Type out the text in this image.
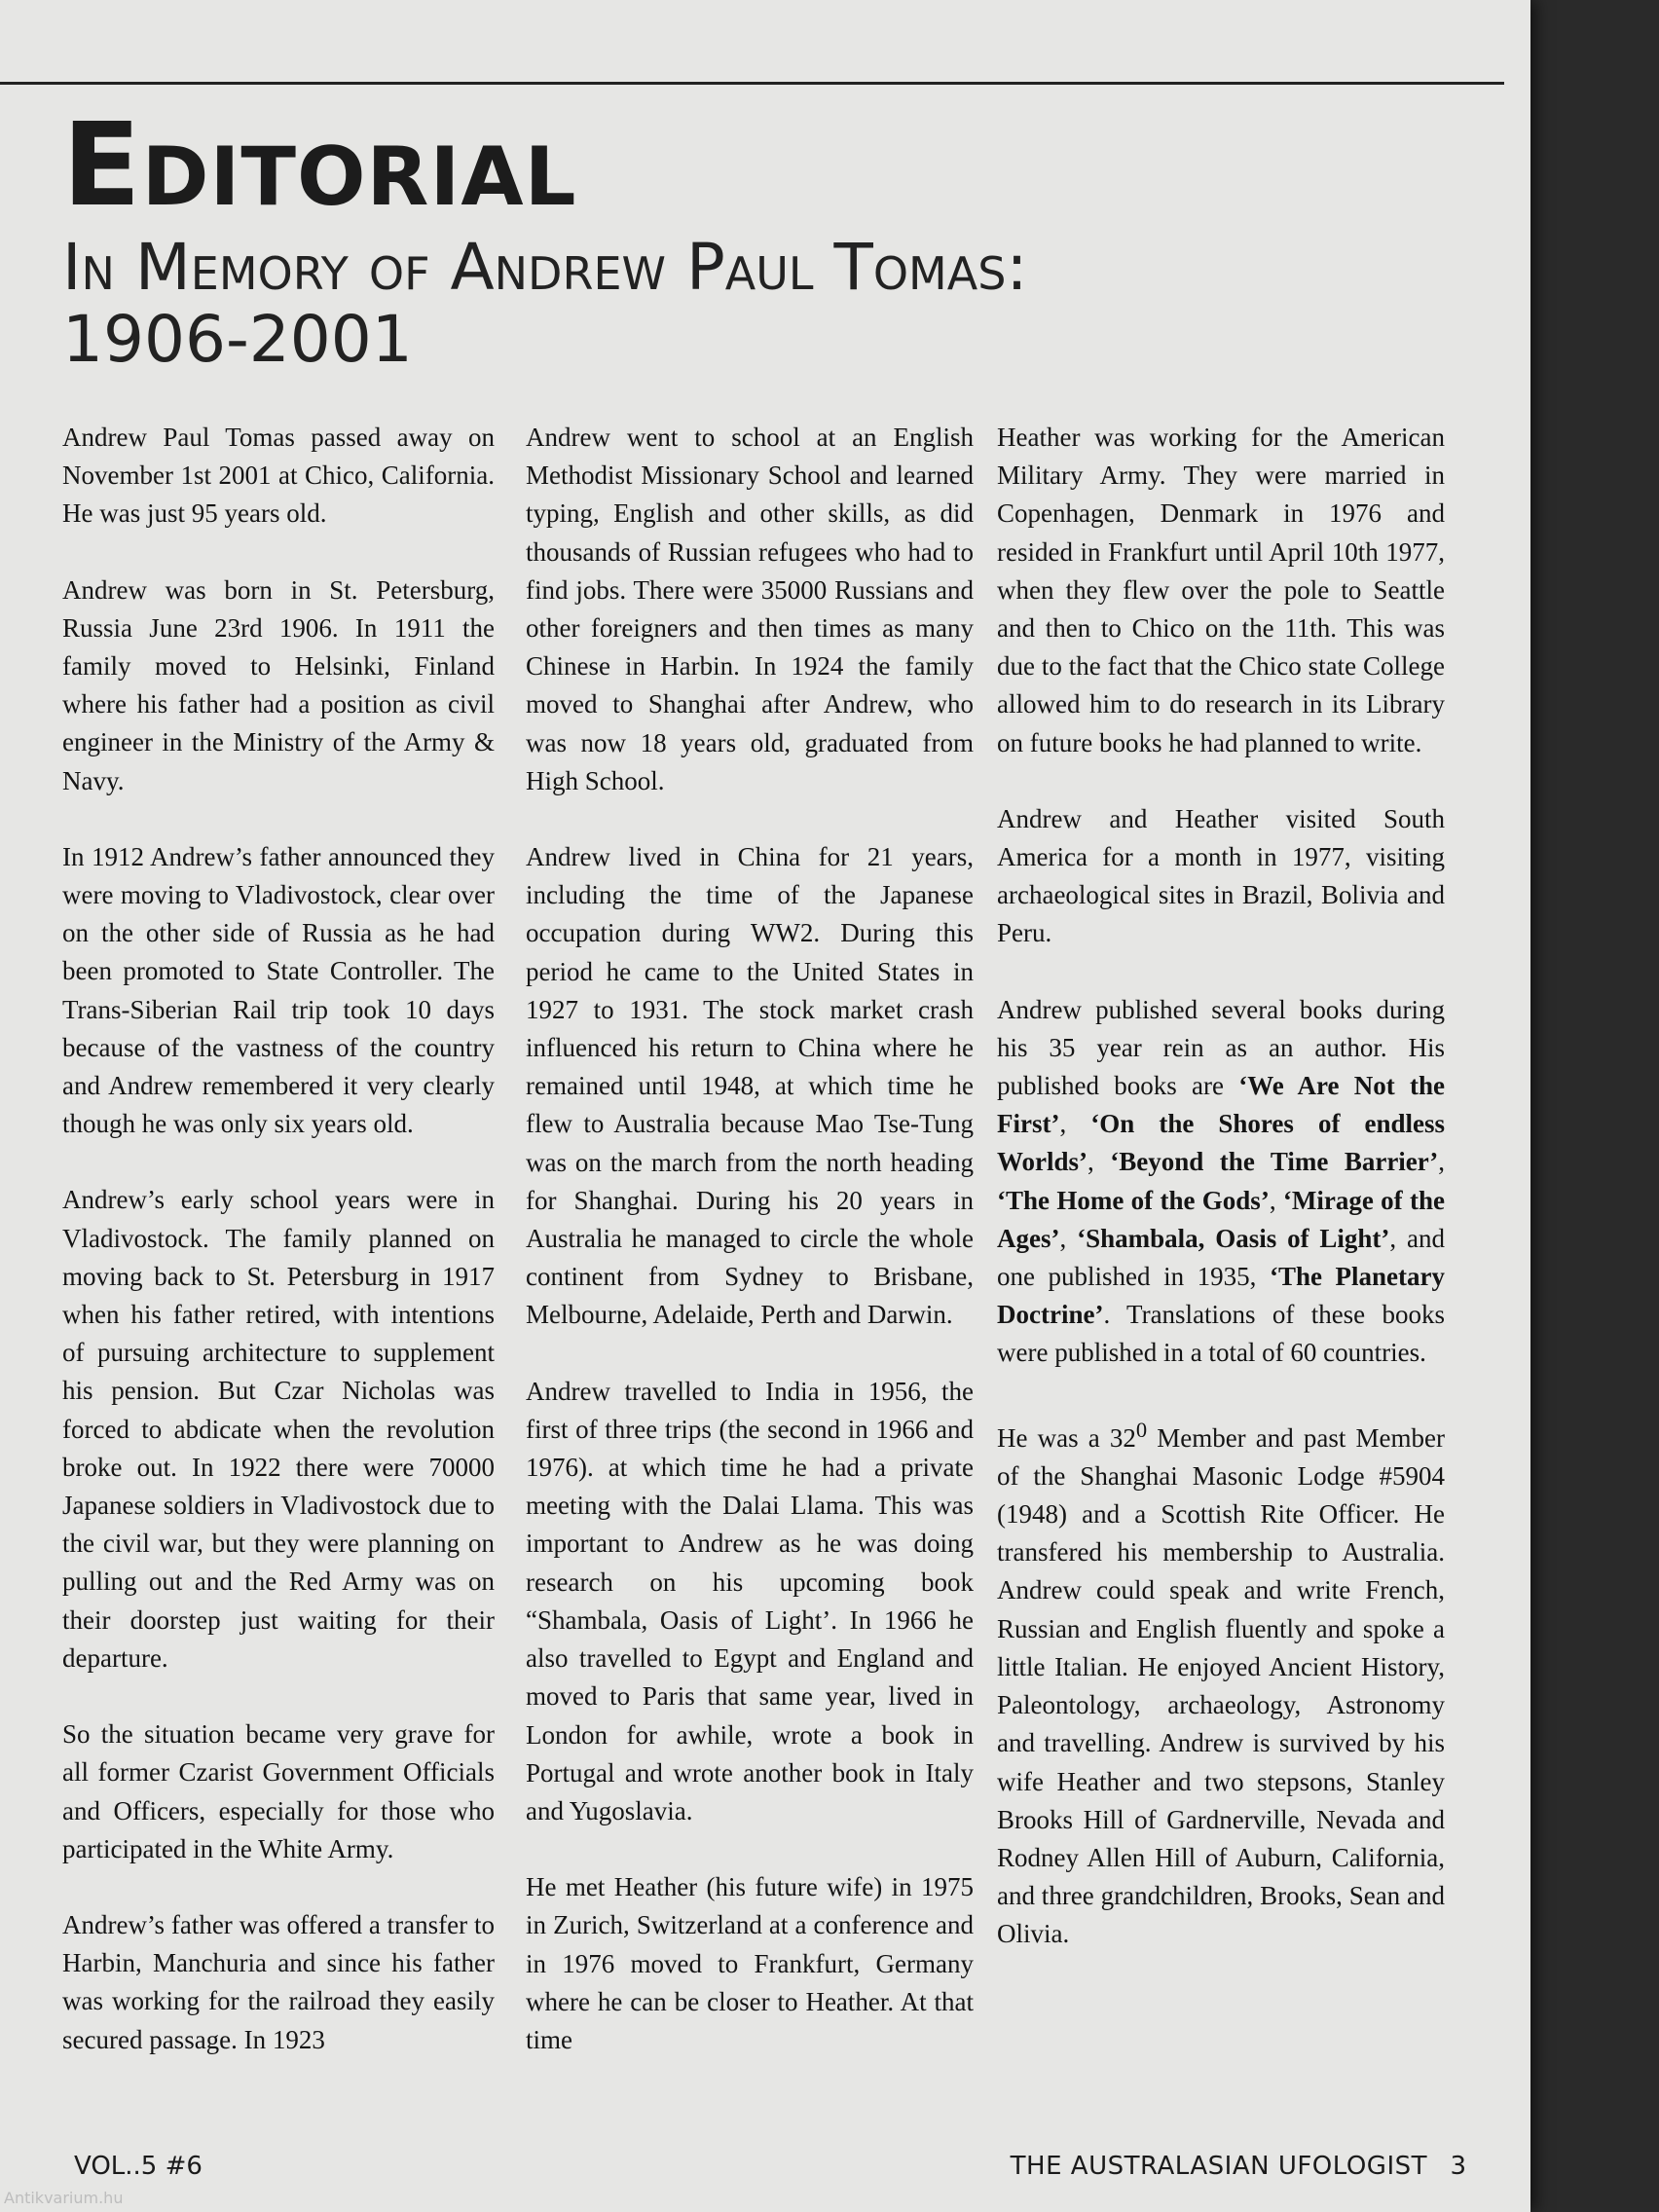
Editorial
In Memory of Andrew Paul Tomas:
1906-2001

Andrew Paul Tomas passed away on November 1st 2001 at Chico, California. He was just 95 years old.

Andrew was born in St. Petersburg, Russia June 23rd 1906. In 1911 the family moved to Helsinki, Finland where his father had a position as civil engineer in the Ministry of the Army & Navy.

In 1912 Andrew’s father announced they were moving to Vladivostock, clear over on the other side of Russia as he had been promoted to State Controller. The Trans-Siberian Rail trip took 10 days because of the vastness of the country and Andrew remembered it very clearly though he was only six years old.

Andrew’s early school years were in Vladivostock. The family planned on moving back to St. Petersburg in 1917 when his father retired, with intentions of pursuing architecture to supplement his pension. But Czar Nicholas was forced to abdicate when the revolution broke out. In 1922 there were 70000 Japanese soldiers in Vladivostock due to the civil war, but they were planning on pulling out and the Red Army was on their doorstep just waiting for their departure.

So the situation became very grave for all former Czarist Government Officials and Officers, especially for those who participated in the White Army.

Andrew’s father was offered a transfer to Harbin, Manchuria and since his father was working for the railroad they easily secured passage. In 1923

Andrew went to school at an English Methodist Missionary School and learned typing, English and other skills, as did thousands of Russian refugees who had to find jobs. There were 35000 Russians and other foreigners and then times as many Chinese in Harbin. In 1924 the family moved to Shanghai after Andrew, who was now 18 years old, graduated from High School.

Andrew lived in China for 21 years, including the time of the Japanese occupation during WW2. During this period he came to the United States in 1927 to 1931. The stock market crash influenced his return to China where he remained until 1948, at which time he flew to Australia because Mao Tse-Tung was on the march from the north heading for Shanghai. During his 20 years in Australia he managed to circle the whole continent from Sydney to Brisbane, Melbourne, Adelaide, Perth and Darwin.

Andrew travelled to India in 1956, the first of three trips (the second in 1966 and 1976). at which time he had a private meeting with the Dalai Llama. This was important to Andrew as he was doing research on his upcoming book “Shambala, Oasis of Light’. In 1966 he also travelled to Egypt and England and moved to Paris that same year, lived in London for awhile, wrote a book in Portugal and wrote another book in Italy and Yugoslavia.

He met Heather (his future wife) in 1975 in Zurich, Switzerland at a conference and in 1976 moved to Frankfurt, Germany where he can be closer to Heather. At that time

Heather was working for the American Military Army. They were married in Copenhagen, Denmark in 1976 and resided in Frankfurt until April 10th 1977, when they flew over the pole to Seattle and then to Chico on the 11th. This was due to the fact that the Chico state College allowed him to do research in its Library on future books he had planned to write.

Andrew and Heather visited South America for a month in 1977, visiting archaeological sites in Brazil, Bolivia and Peru.

Andrew published several books during his 35 year rein as an author. His published books are ‘We Are Not the First’, ‘On the Shores of endless Worlds’, ‘Beyond the Time Barrier’, ‘The Home of the Gods’, ‘Mirage of the Ages’, ‘Shambala, Oasis of Light’, and one published in 1935, ‘The Planetary Doctrine’. Translations of these books were published in a total of 60 countries.

He was a $32^0$ Member and past Member of the Shanghai Masonic Lodge #5904 (1948) and a Scottish Rite Officer. He transfered his membership to Australia. Andrew could speak and write French, Russian and English fluently and spoke a little Italian. He enjoyed Ancient History, Paleontology, archaeology, Astronomy and travelling. Andrew is survived by his wife Heather and two stepsons, Stanley Brooks Hill of Gardnerville, Nevada and Rodney Allen Hill of Auburn, California, and three grandchildren, Brooks, Sean and Olivia.

VOL..5 #6	THE AUSTRALASIAN UFOLOGIST 3
Antikvarium.hu
